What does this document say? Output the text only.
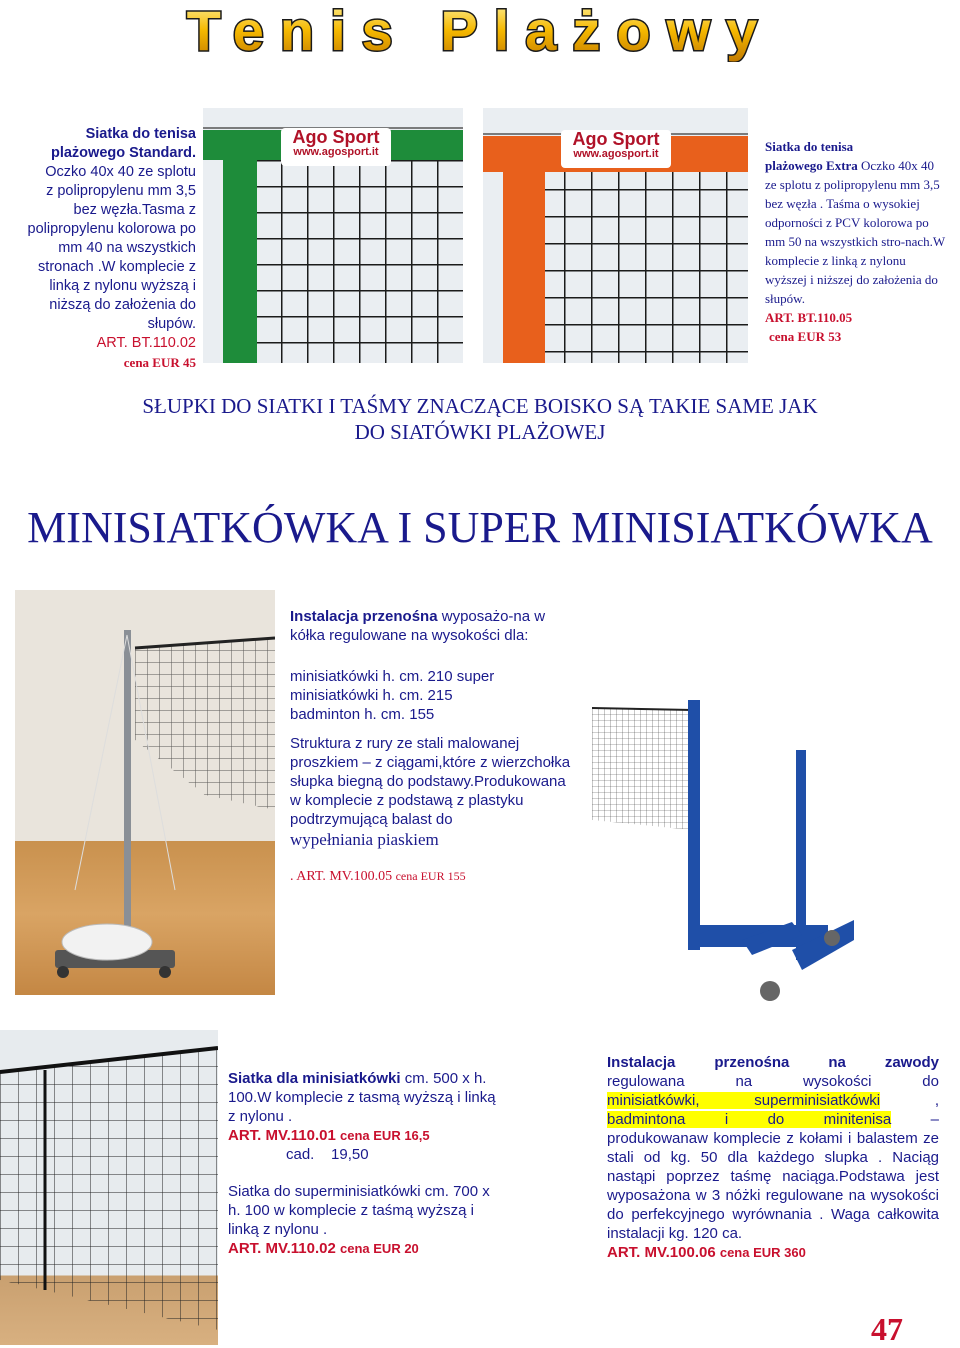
Tenis Plażowy

Siatka do tenisa

plażowego Standard.

Oczko 40x 40 ze splotu

z polipropylenu mm 3,5

bez węzła.Tasma z

polipropylenu kolorowa po

mm 40 na wszystkich

stronach .W komplecie z

linką z nylonu wyższą i

niższą do założenia do

słupów.

ART. BT.110.02

cena EUR 45

Ago Sport
www.agosport.it
Ago Sport
www.agosport.it	Siatka do tenisa

plażowego Extra Oczko 40x 40 ze splotu z polipropylenu mm 3,5 bez węzła . Taśma o wysokiej odporności z PCV kolorowa po mm 50 na wszystkich stro-nach.W komplecie z linką z nylonu wyższej i niższej do założenia do słupów.

ART. BT.110.05

cena EUR 53

SŁUPKI DO SIATKI I TAŚMY ZNACZĄCE BOISKO SĄ TAKIE SAME JAK

DO SIATÓWKI PLAŻOWEJ

MINISIATKÓWKA I SUPER MINISIATKÓWKA

Instalacja przenośna wyposażo-na w kółka regulowane na wysokości dla:

minisiatkówki h. cm. 210 super

minisiatkówki h. cm. 215

badminton h. cm. 155

Struktura z rury ze stali malowanej proszkiem – z ciągami,które z wierzchołka słupka biegną do podstawy.Produkowana w komplecie z podstawą z plastyku podtrzymującą balast do

wypełniania piaskiem

. ART. MV.100.05 cena EUR 155

Siatka dla minisiatkówki cm. 500 x h. 100.W komplecie z tasmą wyższą i linką z nylonu .

ART. MV.110.01 cena EUR 16,5

cad.    19,50

Siatka do superminisiatkówki cm. 700 x h. 100 w komplecie z taśmą wyższą i linką z nylonu .

ART. MV.110.02 cena EUR 20

Instalacja przenośna na zawody

regulowana na wysokości do

minisiatkówki, superminisiatkówki ,

badmintona i do minitenisa –

produkowanaw komplecie z kołami i balastem ze stali od kg. 50 dla każdego slupka . Naciąg nastąpi poprzez taśmę naciąga.Podstawa jest wyposażona w 3 nóżki regulowane na wysokości do perfekcyjnego wyrównania . Waga całkowita instalacji kg. 120 ca.

ART. MV.100.06 cena EUR 360

47
